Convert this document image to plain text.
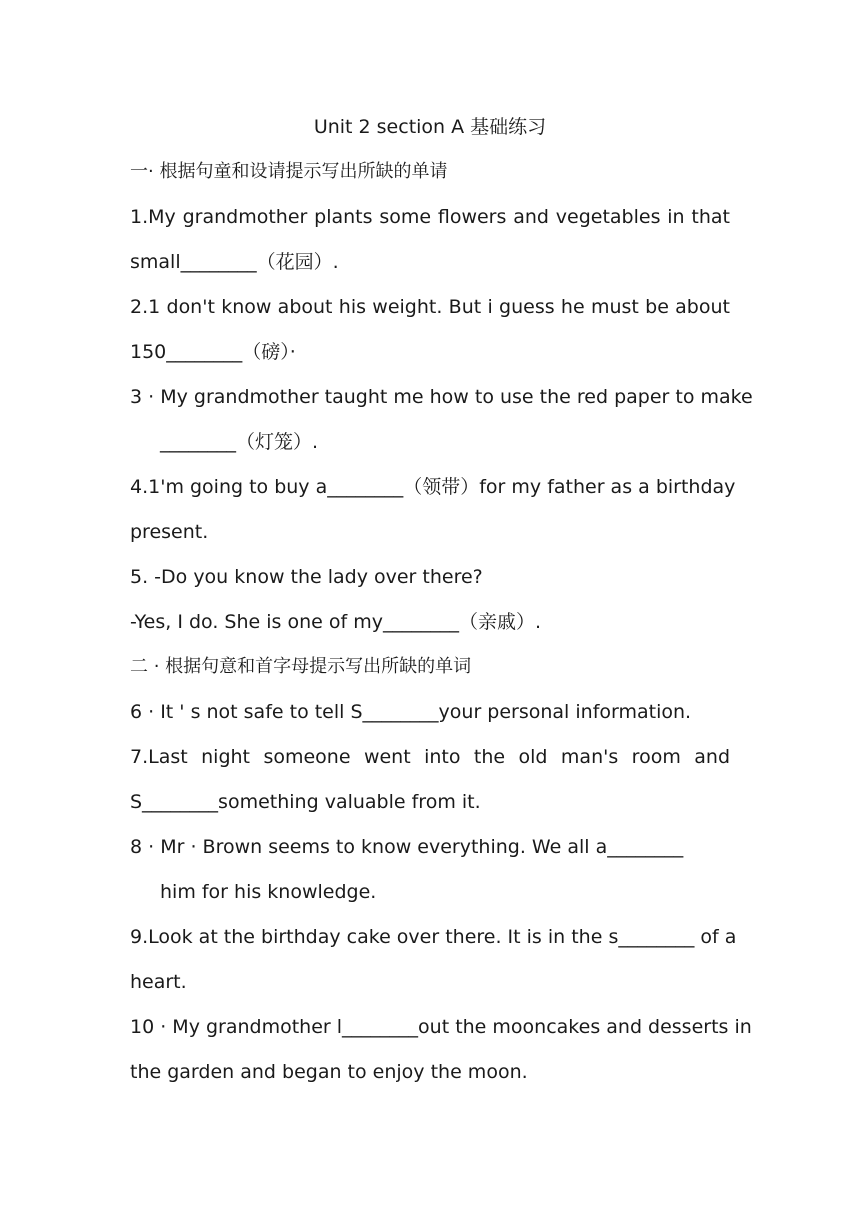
Unit 2 section A 基础练习
一· 根据句童和设请提示写出所缺的单请
1.My grandmother plants some flowers and vegetables in that
small________（花园）.
2.1 don't know about his weight. But i guess he must be about
150________（磅）·
3 · My grandmother taught me how to use the red paper to make
________（灯笼）.
4.1'm going to buy a________（领带）for my father as a birthday
present.
5. -Do you know the lady over there?
-Yes, I do. She is one of my________（亲戚）.
二 · 根据句意和首字母提示写出所缺的单词
6 · It ' s not safe to tell S________your personal information.
7.Last night someone went into the old man's room and
S________something valuable from it.
8 · Mr · Brown seems to know everything. We all a________
him for his knowledge.
9.Look at the birthday cake over there. It is in the s________ of a
heart.
10 · My grandmother l________out the mooncakes and desserts in
the garden and began to enjoy the moon.
